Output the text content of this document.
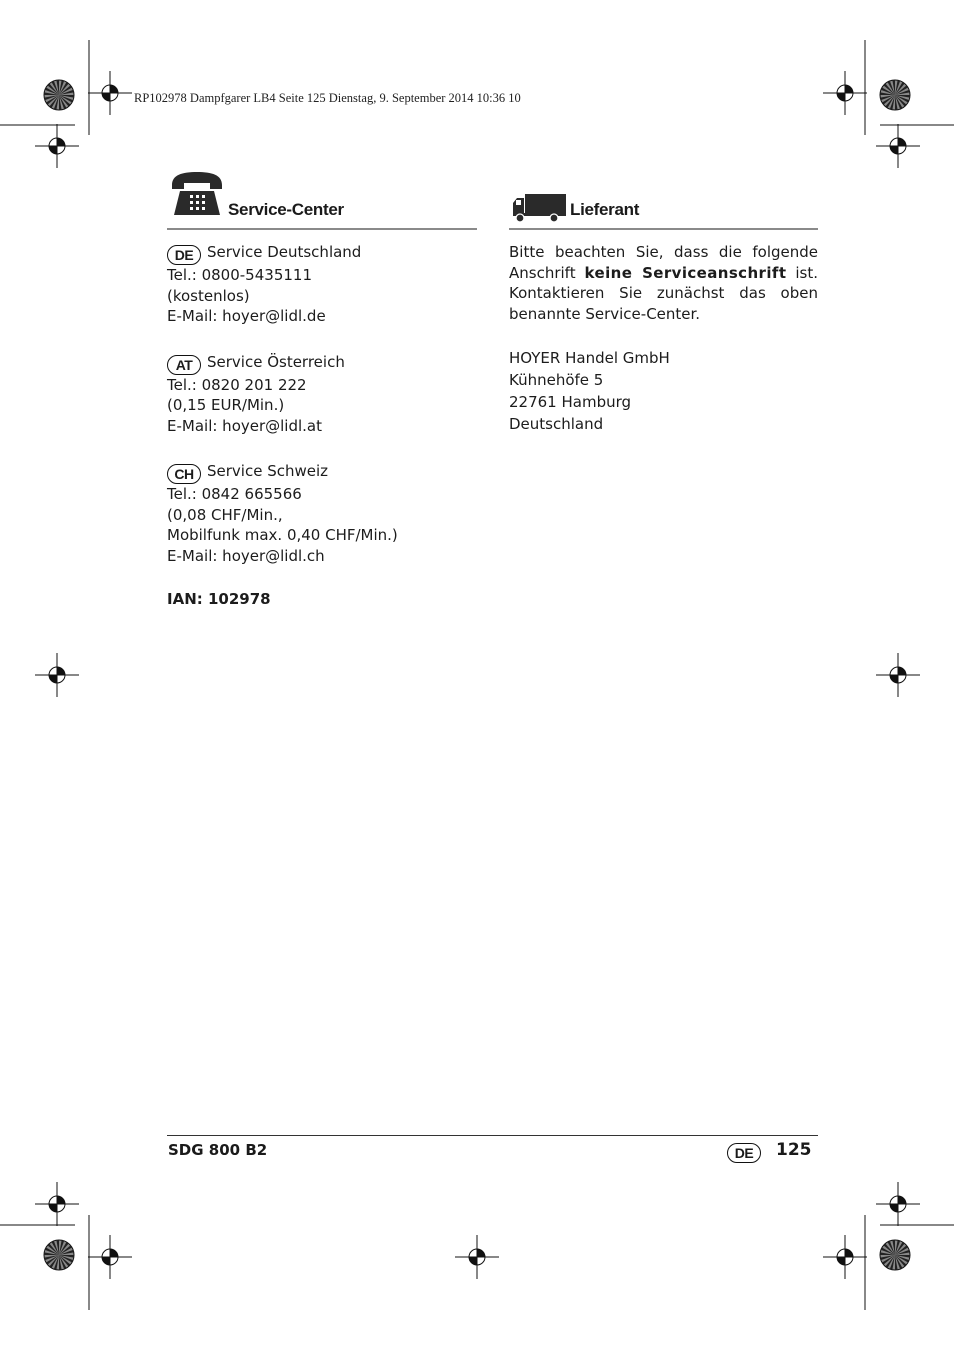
RP102978 Dampfgarer LB4 Seite 125 Dienstag, 9. September 2014 10:36 10
Service-Center
DE Service Deutschland
Tel.: 0800-5435111
(kostenlos)
E-Mail: hoyer@lidl.de
AT Service Österreich
Tel.: 0820 201 222
(0,15 EUR/Min.)
E-Mail: hoyer@lidl.at
CH Service Schweiz
Tel.: 0842 665566
(0,08 CHF/Min.,
Mobilfunk max. 0,40 CHF/Min.)
E-Mail: hoyer@lidl.ch
IAN: 102978
Lieferant
Bitte beachten Sie, dass die folgende
Anschrift keine Serviceanschrift ist.
Kontaktieren Sie zunächst das oben
benannte Service-Center.
HOYER Handel GmbH
Kühnehöfe 5
22761 Hamburg
Deutschland
SDG 800 B2	DE	125
